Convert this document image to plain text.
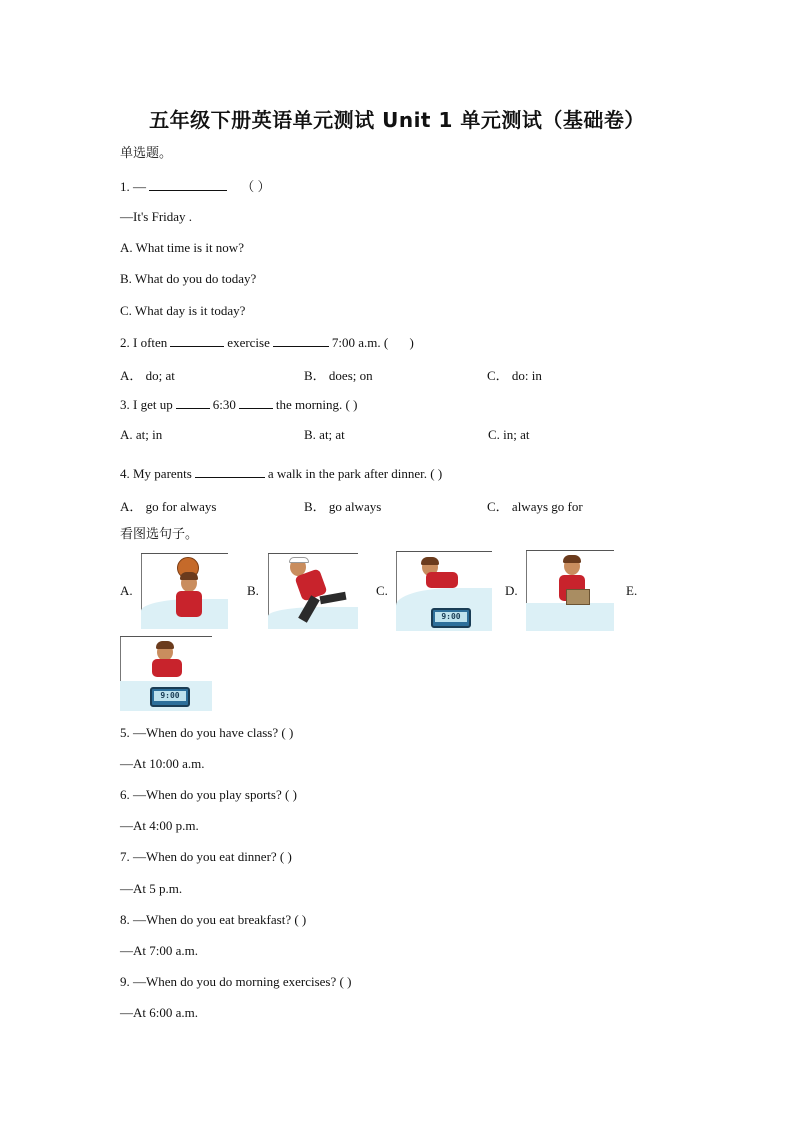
五年级下册英语单元测试 Unit 1 单元测试（基础卷）
单选题。
1. —	（ ）
—It's Friday .
A. What time is it now?
B. What do you do today?
C. What day is it today?
2. I often	exercise	7:00 a.m. ( )
A． do; at	B． does; on	C． do: in
3. I get up	6:30	the morning. ( )
A. at; in	B. at; at	C. in; at
4. My parents	a walk in the park after dinner. ( )
A． go for always	B． go always	C． always go for
看图选句子。
A.	B.	C.
9:00
D.	E.
9:00
5. —When do you have class? ( )
—At 10:00 a.m.
6. —When do you play sports? ( )
—At 4:00 p.m.
7. —When do you eat dinner? ( )
—At 5 p.m.
8. —When do you eat breakfast? ( )
—At 7:00 a.m.
9. —When do you do morning exercises? ( )
—At 6:00 a.m.
